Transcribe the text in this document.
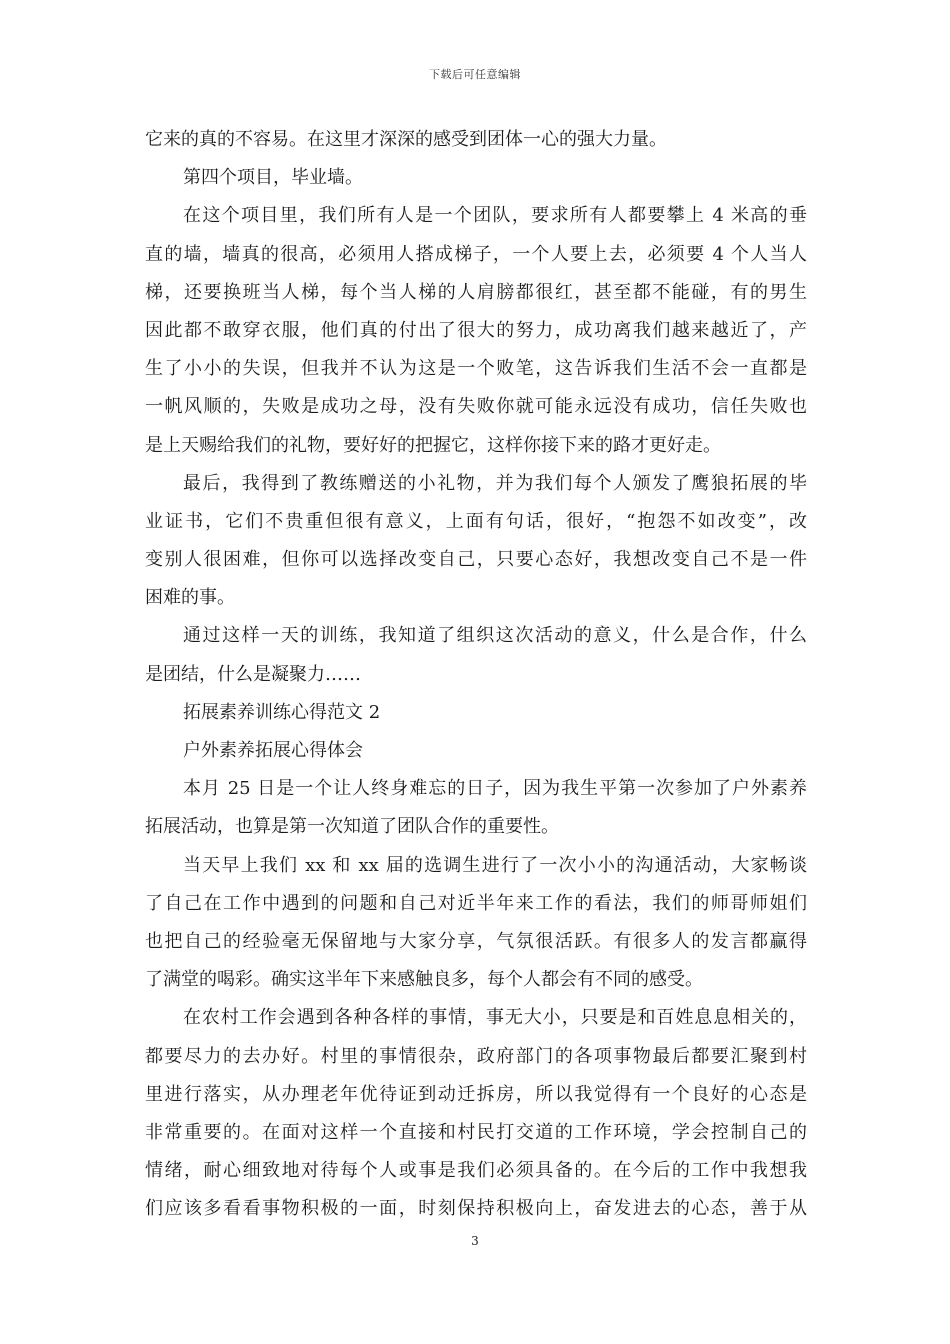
下载后可任意编辑
它来的真的不容易。在这里才深深的感受到团体一心的强大力量。
第四个项目，毕业墙。
在这个项目里，我们所有人是一个团队，要求所有人都要攀上 4 米高的垂
直的墙，墙真的很高，必须用人搭成梯子，一个人要上去，必须要 4 个人当人
梯，还要换班当人梯，每个当人梯的人肩膀都很红，甚至都不能碰，有的男生
因此都不敢穿衣服，他们真的付出了很大的努力，成功离我们越来越近了，产
生了小小的失误，但我并不认为这是一个败笔，这告诉我们生活不会一直都是
一帆风顺的，失败是成功之母，没有失败你就可能永远没有成功，信任失败也
是上天赐给我们的礼物，要好好的把握它，这样你接下来的路才更好走。
最后，我得到了教练赠送的小礼物，并为我们每个人颁发了鹰狼拓展的毕
业证书，它们不贵重但很有意义，上面有句话，很好，“抱怨不如改变”，改
变别人很困难，但你可以选择改变自己，只要心态好，我想改变自己不是一件
困难的事。
通过这样一天的训练，我知道了组织这次活动的意义，什么是合作，什么
是团结，什么是凝聚力……
拓展素养训练心得范文 2
户外素养拓展心得体会
本月 25 日是一个让人终身难忘的日子，因为我生平第一次参加了户外素养
拓展活动，也算是第一次知道了团队合作的重要性。
当天早上我们 xx 和 xx 届的选调生进行了一次小小的沟通活动，大家畅谈
了自己在工作中遇到的问题和自己对近半年来工作的看法，我们的师哥师姐们
也把自己的经验毫无保留地与大家分享，气氛很活跃。有很多人的发言都赢得
了满堂的喝彩。确实这半年下来感触良多，每个人都会有不同的感受。
在农村工作会遇到各种各样的事情，事无大小，只要是和百姓息息相关的，
都要尽力的去办好。村里的事情很杂，政府部门的各项事物最后都要汇聚到村
里进行落实，从办理老年优待证到动迁拆房，所以我觉得有一个良好的心态是
非常重要的。在面对这样一个直接和村民打交道的工作环境，学会控制自己的
情绪，耐心细致地对待每个人或事是我们必须具备的。在今后的工作中我想我
们应该多看看事物积极的一面，时刻保持积极向上，奋发进去的心态，善于从
3
